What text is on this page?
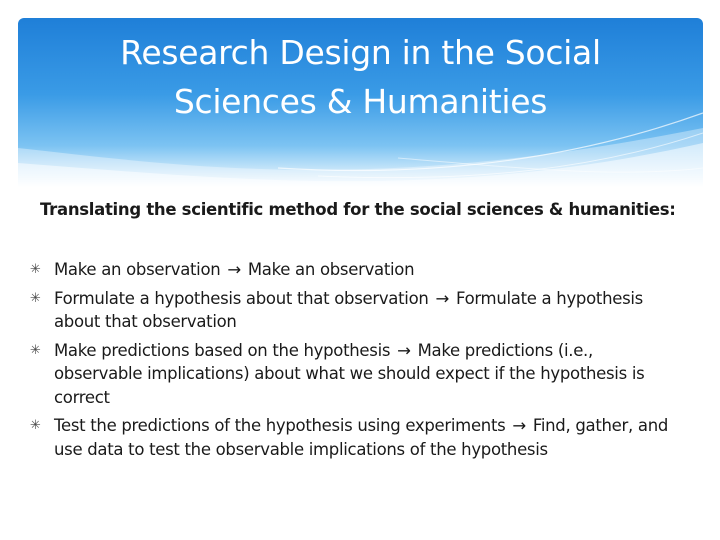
Research Design in the Social
Sciences & Humanities
Translating the scientific method for the social sciences & humanities:
✳ Make an observation → Make an observation
✳ Formulate a hypothesis about that observation → Formulate a hypothesis about that observation
✳ Make predictions based on the hypothesis → Make predictions (i.e., observable implications) about what we should expect if the hypothesis is correct
✳ Test the predictions of the hypothesis using experiments → Find, gather, and use data to test the observable implications of the hypothesis
